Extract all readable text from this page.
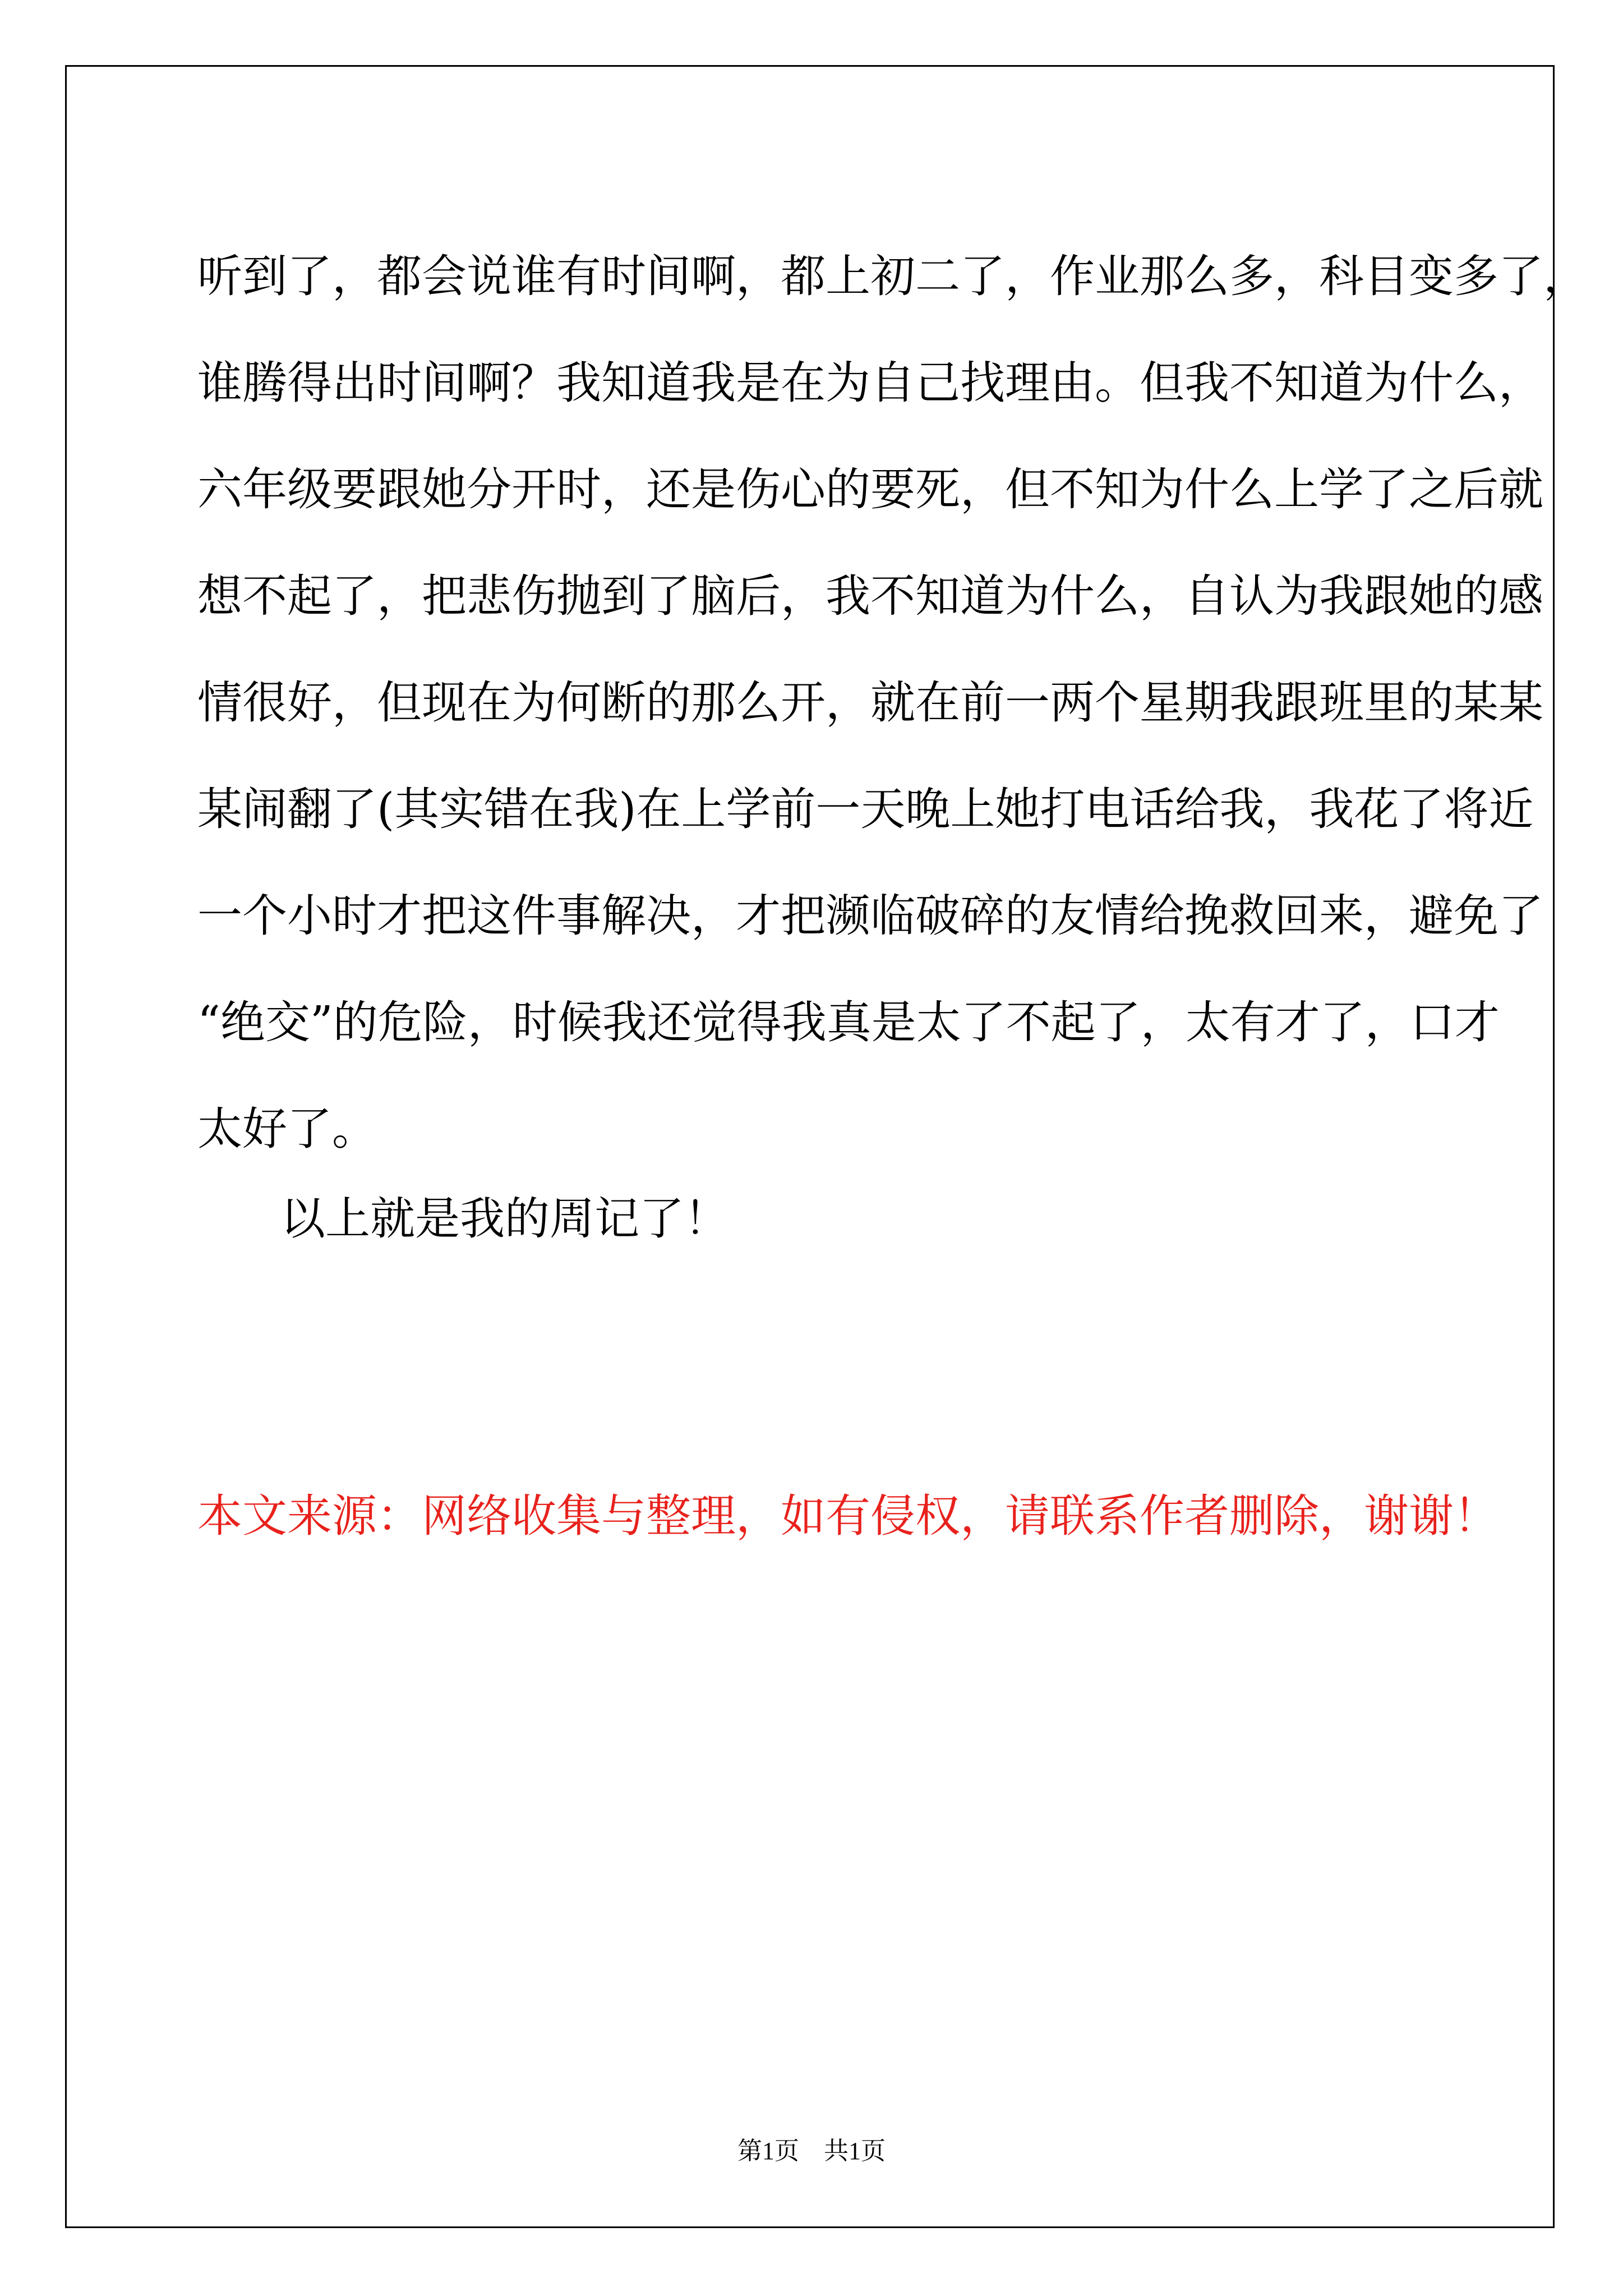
听到了，都会说谁有时间啊，都上初二了，作业那么多，科目变多了，
谁腾得出时间啊？我知道我是在为自己找理由。但我不知道为什么，
六年级要跟她分开时，还是伤心的要死，但不知为什么上学了之后就
想不起了，把悲伤抛到了脑后，我不知道为什么，自认为我跟她的感
情很好，但现在为何断的那么开，就在前一两个星期我跟班里的某某
某闹翻了(其实错在我)在上学前一天晚上她打电话给我，我花了将近
一个小时才把这件事解决，才把濒临破碎的友情给挽救回来，避免了
“绝交”的危险，时候我还觉得我真是太了不起了，太有才了，口才
太好了。
以上就是我的周记了！
本文来源：网络收集与整理，如有侵权，请联系作者删除，谢谢！
第1页 共1页
